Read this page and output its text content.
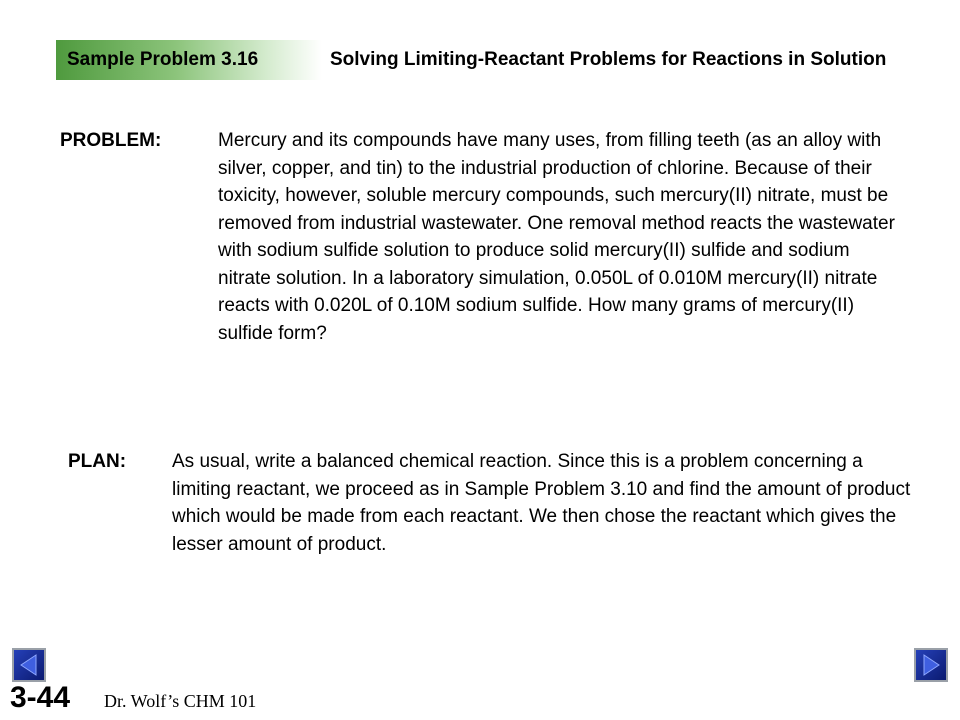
Sample Problem 3.16	Solving Limiting-Reactant Problems for Reactions in Solution
PROBLEM:	Mercury and its compounds have many uses, from filling teeth (as an alloy with silver, copper, and tin) to the industrial production of chlorine. Because of their toxicity, however, soluble mercury compounds, such mercury(II) nitrate, must be removed from industrial wastewater. One removal method reacts the wastewater with sodium sulfide solution to produce solid mercury(II) sulfide and sodium nitrate solution. In a laboratory simulation, 0.050L of 0.010M mercury(II) nitrate reacts with 0.020L of 0.10M sodium sulfide. How many grams of mercury(II) sulfide form?
PLAN: As usual, write a balanced chemical reaction. Since this is a problem concerning a limiting reactant, we proceed as in Sample Problem 3.10 and find the amount of product which would be made from each reactant. We then chose the reactant which gives the lesser amount of product.
3-44 Dr. Wolf’s CHM 101
